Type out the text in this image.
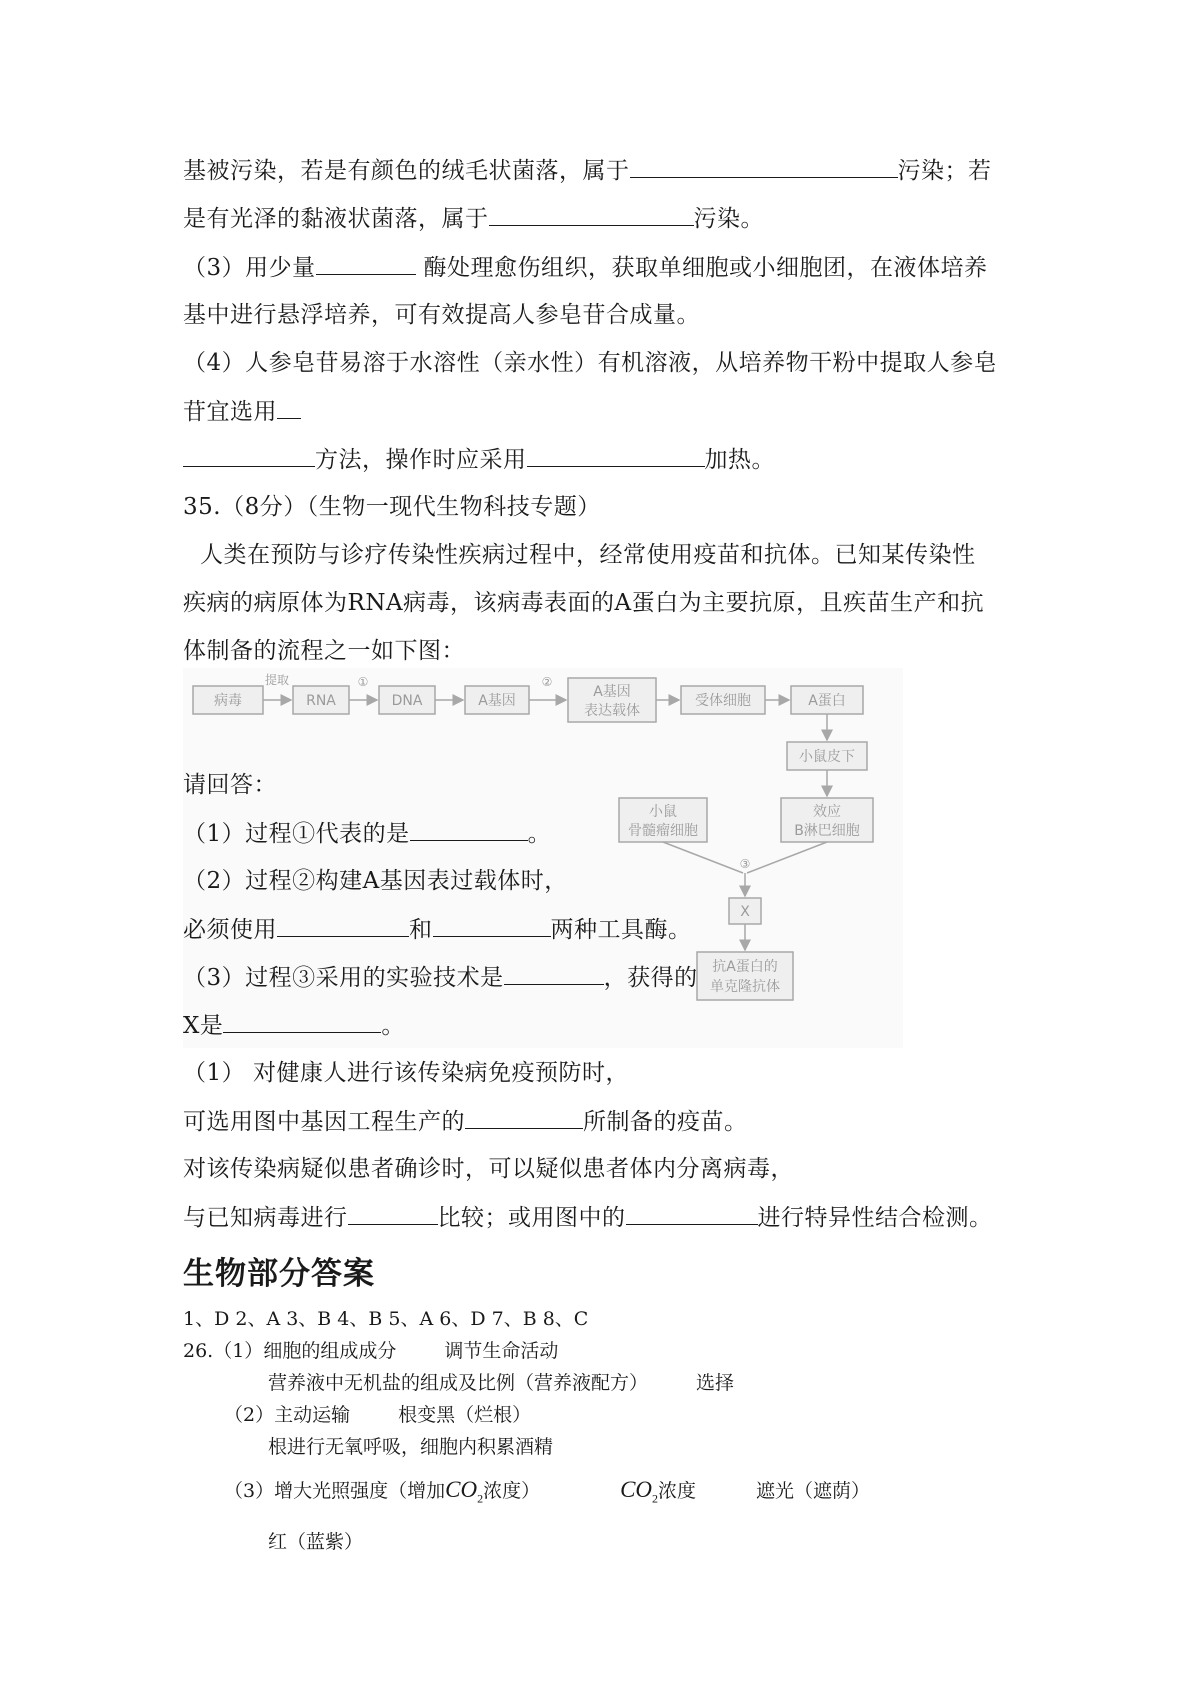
基被污染，若是有颜色的绒毛状菌落，属于	污染；若
是有光泽的黏液状菌落，属于	污染。
（3）用少量	酶处理愈伤组织，获取单细胞或小细胞团，在液体培养
基中进行悬浮培养，可有效提高人参皂苷合成量。
（4）人参皂苷易溶于水溶性（亲水性）有机溶液，从培养物干粉中提取人参皂
苷宜选用
方法，操作时应采用	加热。
35.（8分）（生物一现代生物科技专题）
人类在预防与诊疗传染性疾病过程中，经常使用疫苗和抗体。已知某传染性
疾病的病原体为RNA病毒，该病毒表面的A蛋白为主要抗原，且疾苗生产和抗
体制备的流程之一如下图：
病毒	RNA	DNA	A基因
A基因
表达载体
受体细胞	A蛋白
提取	①	②
小鼠皮下
小鼠
骨髓瘤细胞
效应
B淋巴细胞
③
X
抗A蛋白的
单克隆抗体
请回答：
（1）过程①代表的是	。
（2）过程②构建A基因表过载体时，
必须使用	和	两种工具酶。
（3）过程③采用的实验技术是	，获得的
X是	。
（1） 对健康人进行该传染病免疫预防时，
可选用图中基因工程生产的	所制备的疫苗。
对该传染病疑似患者确诊时，可以疑似患者体内分离病毒，
与已知病毒进行	比较；或用图中的	进行特异性结合检测。
生物部分答案
1、D 2、A 3、B 4、B 5、A 6、D 7、B 8、C
26.（1）细胞的组成成分	调节生命活动
营养液中无机盐的组成及比例（营养液配方）	选择
（2）主动运输	根变黑（烂根）
根进行无氧呼吸，细胞内积累酒精
（3）增大光照强度（增加$CO_2$浓度）	$CO_2$浓度	遮光（遮荫）
红（蓝紫）
